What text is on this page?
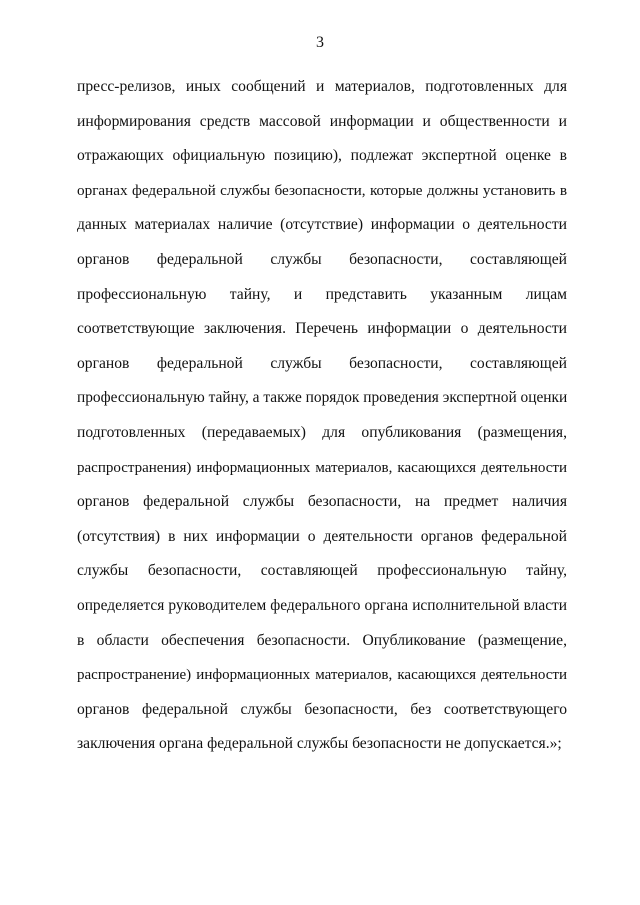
3
пресс-релизов, иных сообщений и материалов, подготовленных для
информирования средств массовой информации и общественности и
отражающих официальную позицию), подлежат экспертной оценке в
органах федеральной службы безопасности, которые должны установить в
данных материалах наличие (отсутствие) информации о деятельности
органов федеральной службы безопасности, составляющей
профессиональную тайну, и представить указанным лицам
соответствующие заключения. Перечень информации о деятельности
органов федеральной службы безопасности, составляющей
профессиональную тайну, а также порядок проведения экспертной оценки
подготовленных (передаваемых) для опубликования (размещения,
распространения) информационных материалов, касающихся деятельности
органов федеральной службы безопасности, на предмет наличия
(отсутствия) в них информации о деятельности органов федеральной
службы безопасности, составляющей профессиональную тайну,
определяется руководителем федерального органа исполнительной власти
в области обеспечения безопасности. Опубликование (размещение,
распространение) информационных материалов, касающихся деятельности
органов федеральной службы безопасности, без соответствующего
заключения органа федеральной службы безопасности не допускается.»;
